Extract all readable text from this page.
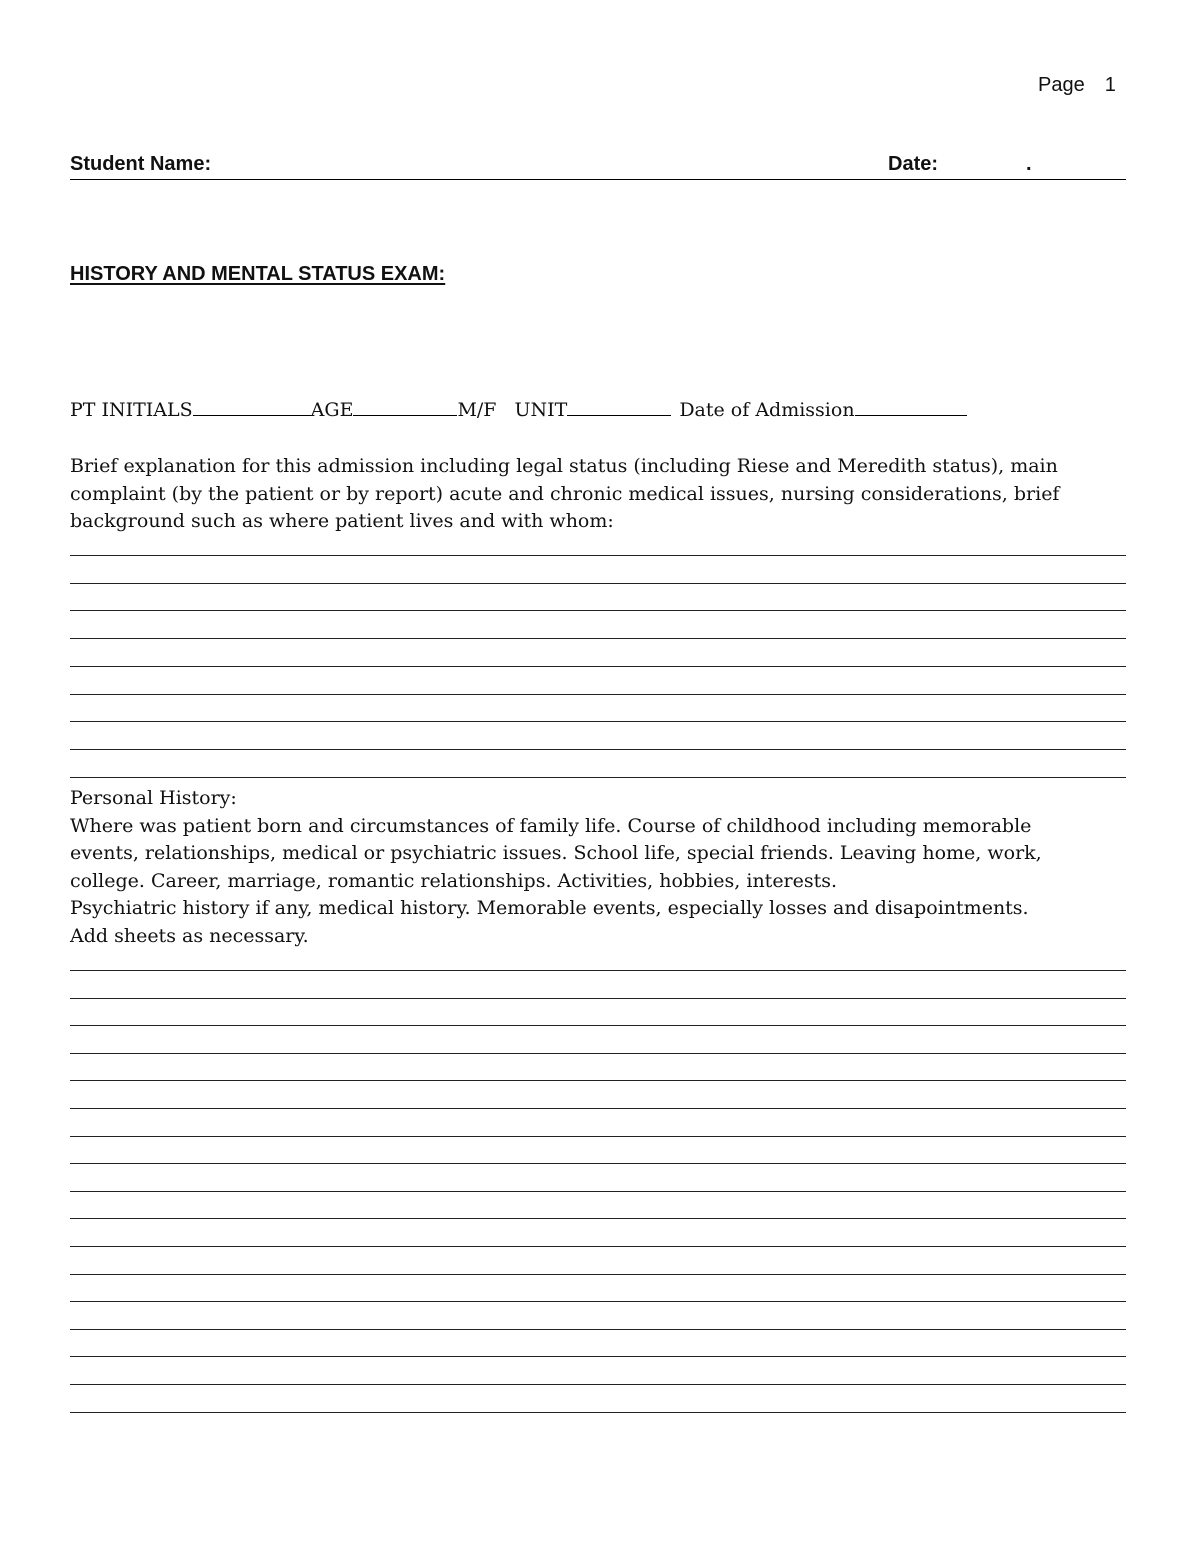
Page 1
Student Name:	Date:	.
HISTORY AND MENTAL STATUS EXAM:
PT INITIALS	AGE	M/F UNIT	Date of Admission
Brief explanation for this admission including legal status (including Riese and Meredith status), main
complaint (by the patient or by report) acute and chronic medical issues, nursing considerations, brief
background such as where patient lives and with whom:
Personal History:
Where was patient born and circumstances of family life. Course of childhood including memorable
events, relationships, medical or psychiatric issues. School life, special friends. Leaving home, work,
college. Career, marriage, romantic relationships. Activities, hobbies, interests.
Psychiatric history if any, medical history. Memorable events, especially losses and disapointments.
Add sheets as necessary.
